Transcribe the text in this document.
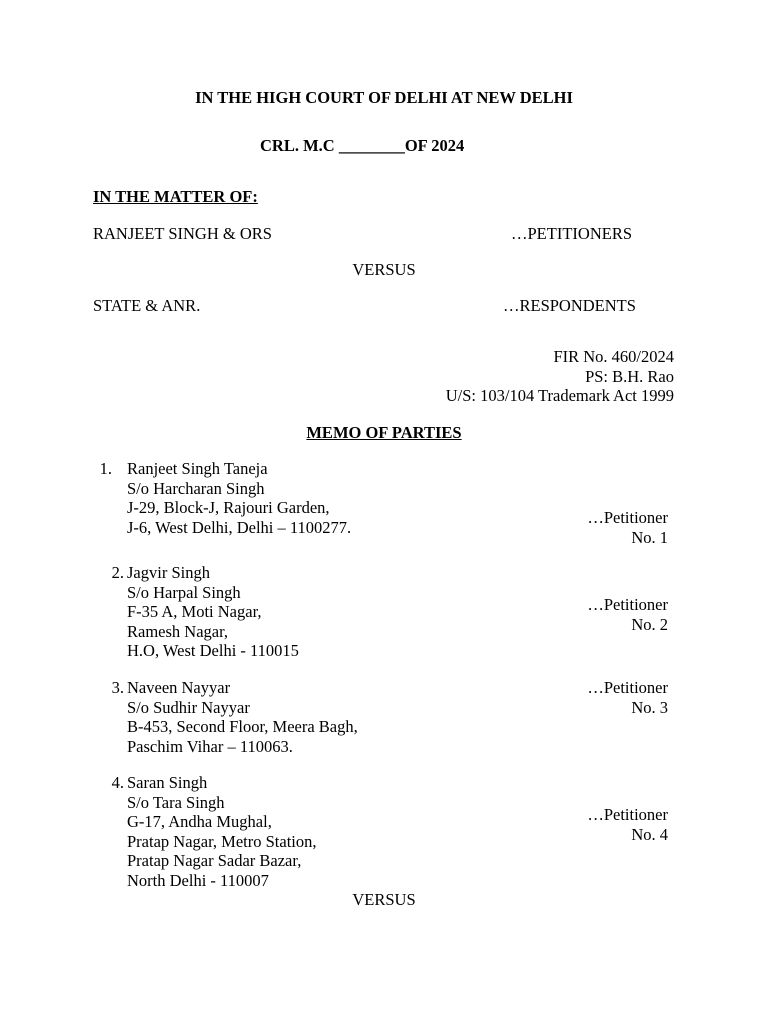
IN THE HIGH COURT OF DELHI AT NEW DELHI
CRL. M.C ________OF 2024
IN THE MATTER OF:
RANJEET SINGH & ORS	…PETITIONERS
VERSUS
STATE & ANR.	…RESPONDENTS
FIR No. 460/2024
PS: B.H. Rao
U/S: 103/104 Trademark Act 1999
MEMO OF PARTIES
1. Ranjeet Singh Taneja
S/o Harcharan Singh
J-29, Block-J, Rajouri Garden,
J-6, West Delhi, Delhi – 1100277.	…Petitioner
No. 1
2. Jagvir Singh
S/o Harpal Singh
F-35 A, Moti Nagar,
Ramesh Nagar,
H.O, West Delhi - 110015
…Petitioner
No. 2
3. Naveen Nayyar
S/o Sudhir Nayyar
B-453, Second Floor, Meera Bagh,
Paschim Vihar – 110063.
…Petitioner
No. 3
4. Saran Singh
S/o Tara Singh
G-17, Andha Mughal,
Pratap Nagar, Metro Station,
Pratap Nagar Sadar Bazar,
North Delhi - 110007
…Petitioner
No. 4
VERSUS
